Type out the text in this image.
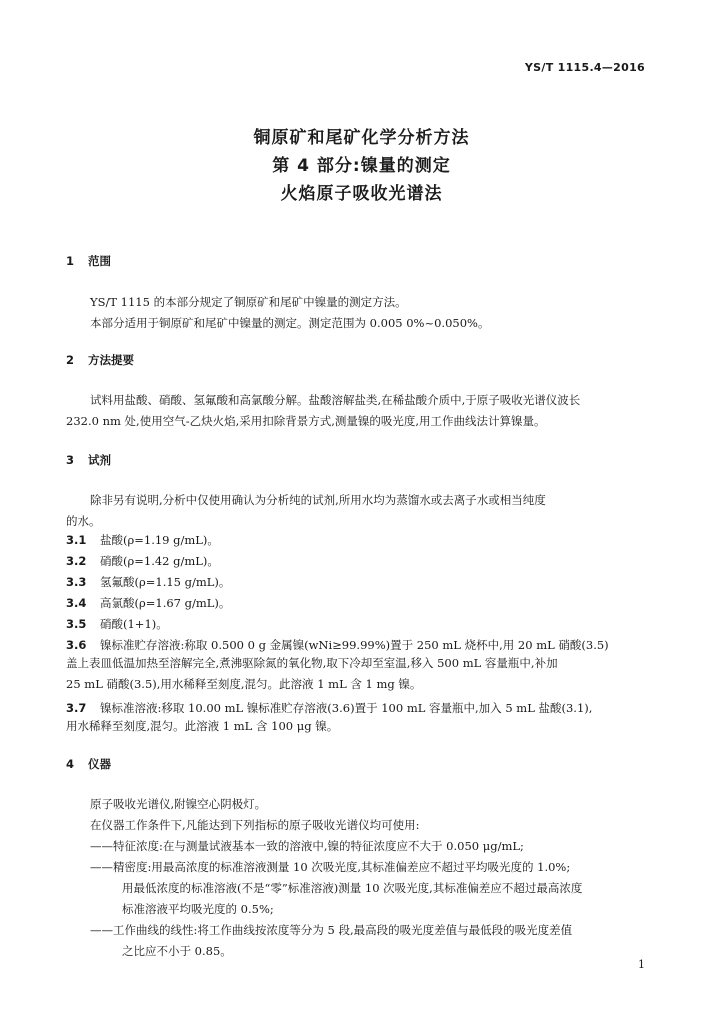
YS/T 1115.4—2016
铜原矿和尾矿化学分析方法
第 4 部分:镍量的测定
火焰原子吸收光谱法
1 范围
YS/T 1115 的本部分规定了铜原矿和尾矿中镍量的测定方法。
本部分适用于铜原矿和尾矿中镍量的测定。测定范围为 0.005 0%~0.050%。
2 方法提要
试料用盐酸、硝酸、氢氟酸和高氯酸分解。盐酸溶解盐类,在稀盐酸介质中,于原子吸收光谱仪波长
232.0 nm 处,使用空气-乙炔火焰,采用扣除背景方式,测量镍的吸光度,用工作曲线法计算镍量。
3 试剂
除非另有说明,分析中仅使用确认为分析纯的试剂,所用水均为蒸馏水或去离子水或相当纯度
的水。
3.1 盐酸(ρ=1.19 g/mL)。
3.2 硝酸(ρ=1.42 g/mL)。
3.3 氢氟酸(ρ=1.15 g/mL)。
3.4 高氯酸(ρ=1.67 g/mL)。
3.5 硝酸(1+1)。
3.6 镍标准贮存溶液:称取 0.500 0 g 金属镍(wNi≥99.99%)置于 250 mL 烧杯中,用 20 mL 硝酸(3.5)
盖上表皿低温加热至溶解完全,煮沸驱除氮的氧化物,取下冷却至室温,移入 500 mL 容量瓶中,补加
25 mL 硝酸(3.5),用水稀释至刻度,混匀。此溶液 1 mL 含 1 mg 镍。
3.7 镍标准溶液:移取 10.00 mL 镍标准贮存溶液(3.6)置于 100 mL 容量瓶中,加入 5 mL 盐酸(3.1),
用水稀释至刻度,混匀。此溶液 1 mL 含 100 μg 镍。
4 仪器
原子吸收光谱仪,附镍空心阴极灯。
在仪器工作条件下,凡能达到下列指标的原子吸收光谱仪均可使用:
——特征浓度:在与测量试液基本一致的溶液中,镍的特征浓度应不大于 0.050 μg/mL;
——精密度:用最高浓度的标准溶液测量 10 次吸光度,其标准偏差应不超过平均吸光度的 1.0%;
用最低浓度的标准溶液(不是“零”标准溶液)测量 10 次吸光度,其标准偏差应不超过最高浓度
标准溶液平均吸光度的 0.5%;
——工作曲线的线性:将工作曲线按浓度等分为 5 段,最高段的吸光度差值与最低段的吸光度差值
之比应不小于 0.85。
1
